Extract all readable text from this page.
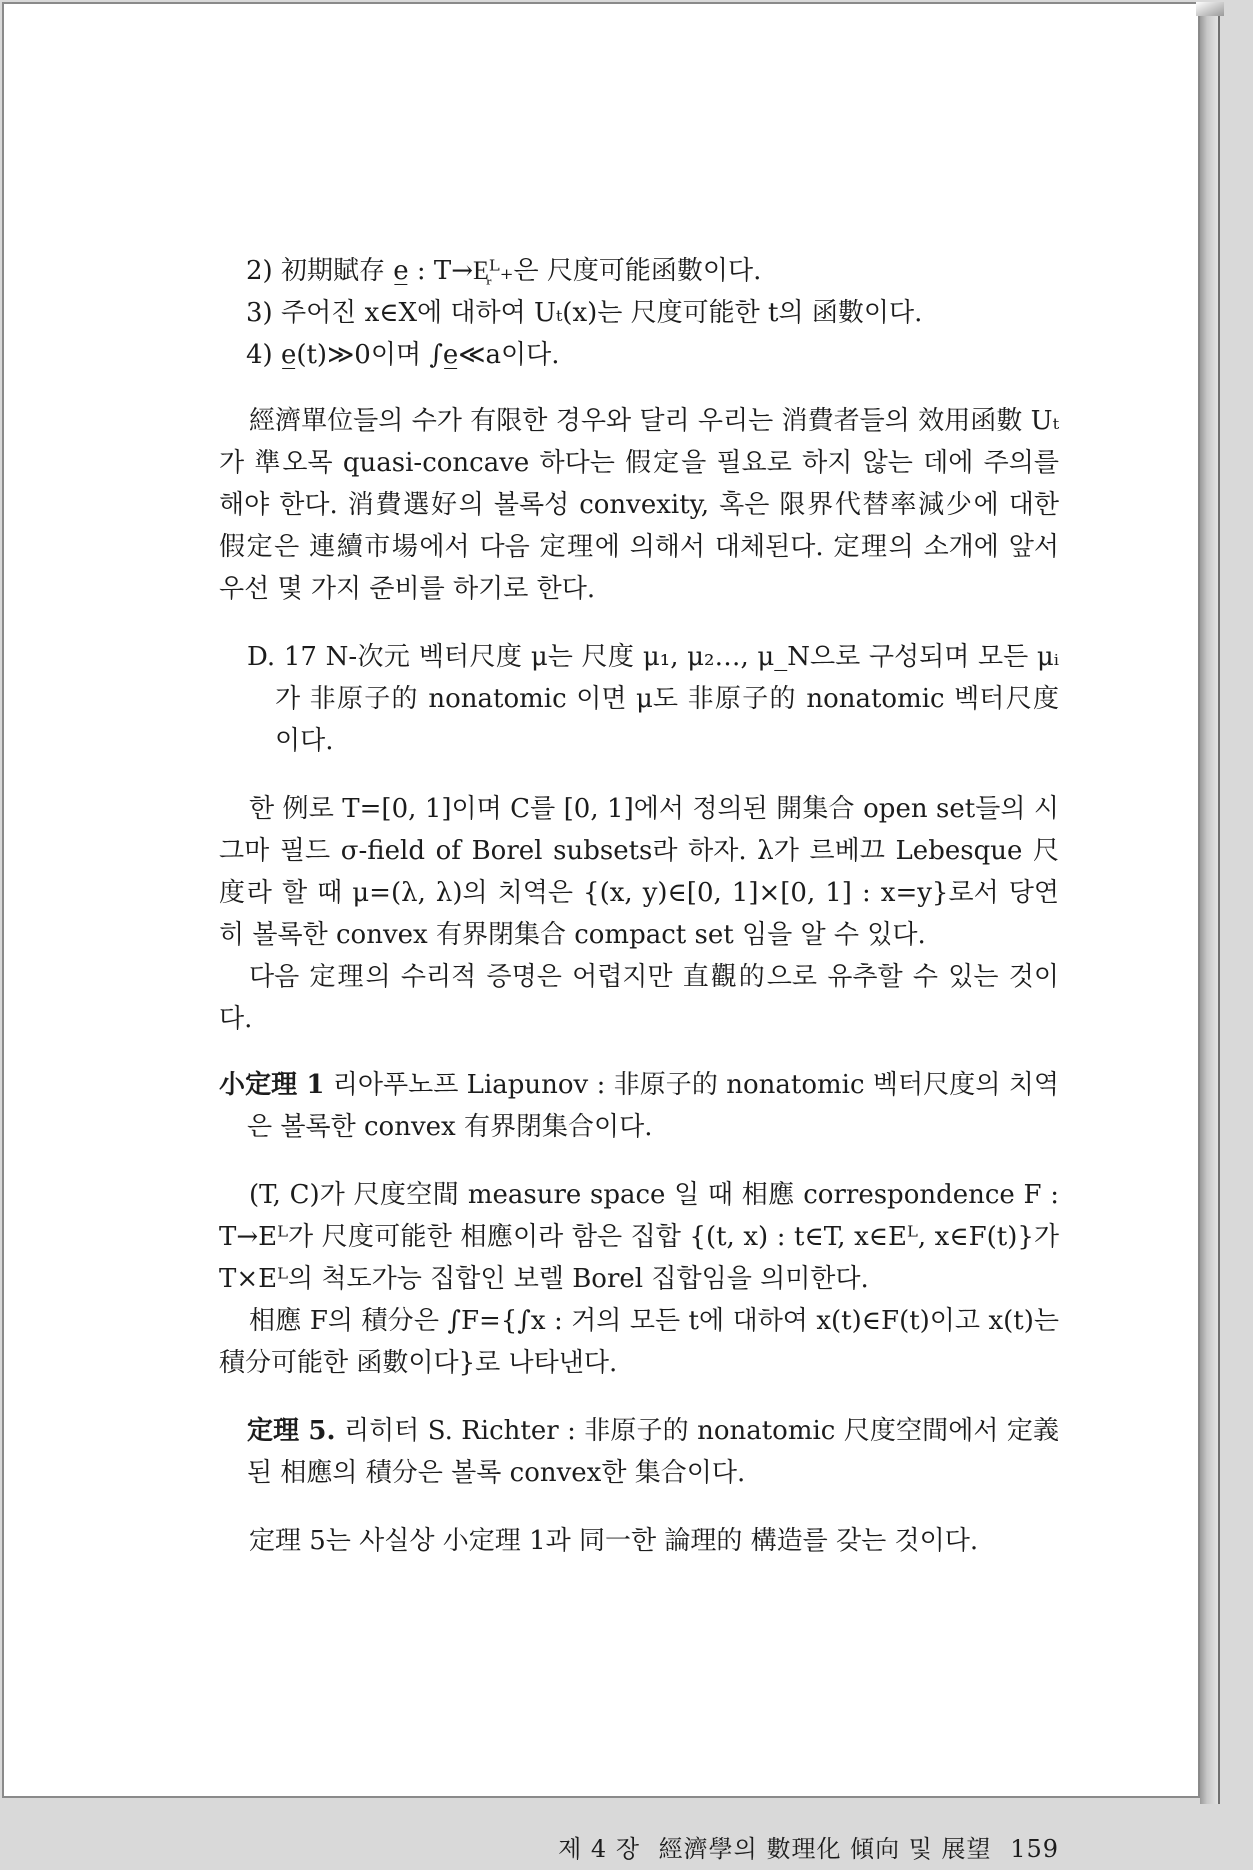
2) 初期賦存 e̲ : T→E᷊ᴸ₊은 尺度可能函數이다.

3) 주어진 x∈X에 대하여 Uₜ(x)는 尺度可能한 t의 函數이다.

4) e̲(t)≫0이며 ∫e̲≪a이다.

經濟單位들의 수가 有限한 경우와 달리 우리는 消費者들의 效用函數 Uₜ가 準오목 quasi-concave 하다는 假定을 필요로 하지 않는 데에 주의를 해야 한다. 消費選好의 볼록성 convexity, 혹은 限界代替率減少에 대한 假定은 連續市場에서 다음 定理에 의해서 대체된다. 定理의 소개에 앞서 우선 몇 가지 준비를 하기로 한다.

D. 17 N-次元 벡터尺度 μ는 尺度 μ₁, μ₂…, μ_N으로 구성되며 모든 μᵢ가 非原子的 nonatomic 이면 μ도 非原子的 nonatomic 벡터尺度이다.

한 例로 T=[0, 1]이며 C를 [0, 1]에서 정의된 開集合 open set들의 시그마 필드 σ-field of Borel subsets라 하자. λ가 르베끄 Lebesque 尺度라 할 때 μ=(λ, λ)의 치역은 {(x, y)∈[0, 1]×[0, 1] : x=y}로서 당연히 볼록한 convex 有界閉集合 compact set 임을 알 수 있다.

다음 定理의 수리적 증명은 어렵지만 直觀的으로 유추할 수 있는 것이다.

小定理 1 리아푸노프 Liapunov : 非原子的 nonatomic 벡터尺度의 치역은 볼록한 convex 有界閉集合이다.

(T, C)가 尺度空間 measure space 일 때 相應 correspondence F : T→Eᴸ가 尺度可能한 相應이라 함은 집합 {(t, x) : t∈T, x∈Eᴸ, x∈F(t)}가 T×Eᴸ의 척도가능 집합인 보렐 Borel 집합임을 의미한다.

相應 F의 積分은 ∫F={∫x : 거의 모든 t에 대하여 x(t)∈F(t)이고 x(t)는 積分可能한 函數이다}로 나타낸다.

定理 5. 리히터 S. Richter : 非原子的 nonatomic 尺度空間에서 定義된 相應의 積分은 볼록 convex한 集合이다.

定理 5는 사실상 小定理 1과 同一한 論理的 構造를 갖는 것이다.

제 4 장 經濟學의 數理化 傾向 및 展望 159
